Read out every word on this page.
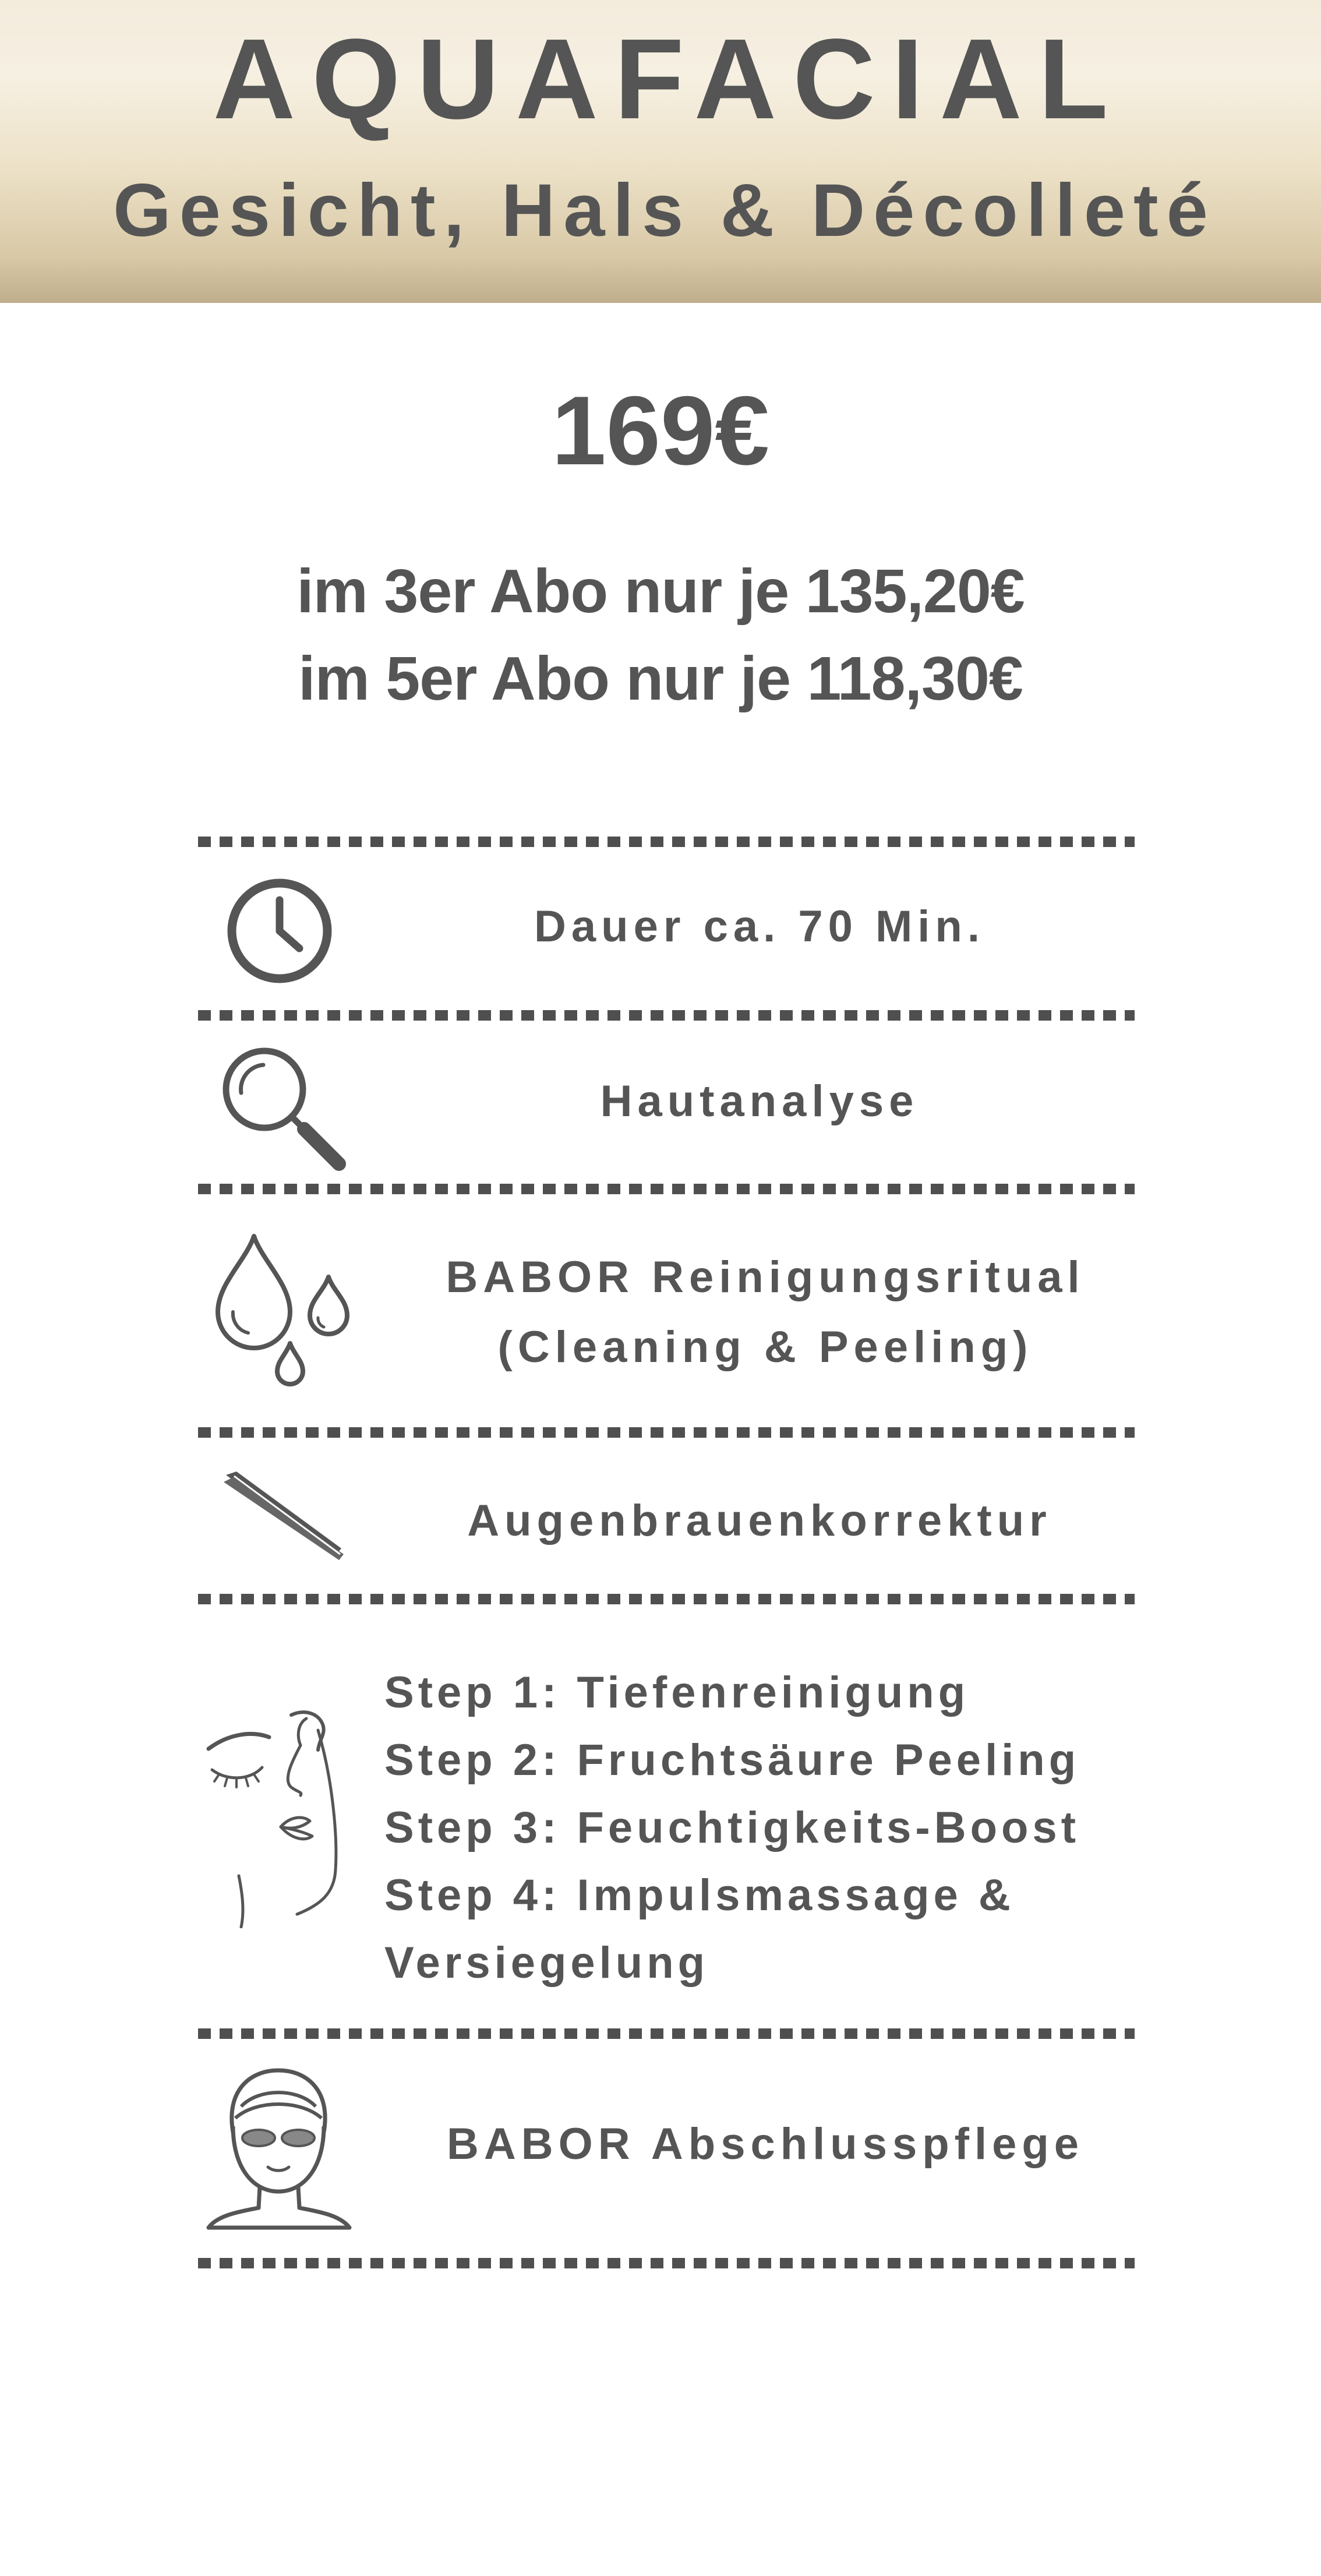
AQUAFACIAL
Gesicht, Hals & Décolleté
169€
im 3er Abo nur je 135,20€
im 5er Abo nur je 118,30€
Dauer ca. 70 Min.
Hautanalyse
BABOR Reinigungsritual
(Cleaning & Peeling)
Augenbrauenkorrektur
Step 1: Tiefenreinigung
Step 2: Fruchtsäure Peeling
Step 3: Feuchtigkeits-Boost
Step 4: Impulsmassage &
Versiegelung
BABOR Abschlusspflege
